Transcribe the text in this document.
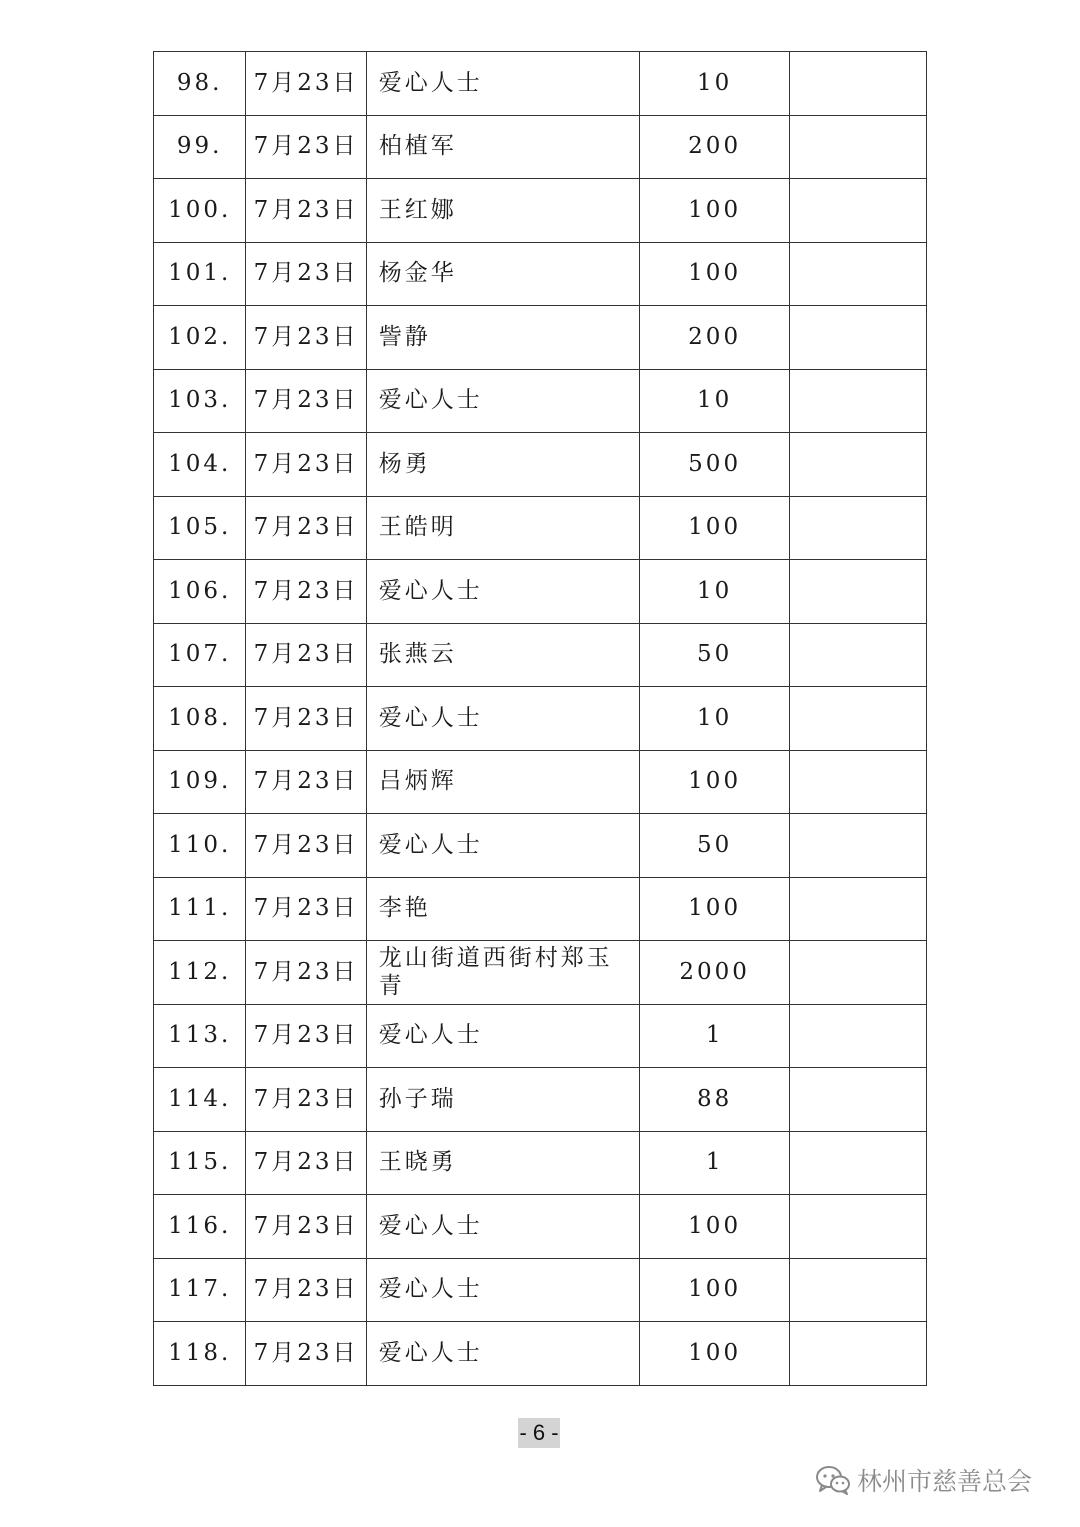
98.	7月23日	爱心人士	10	
99.	7月23日	柏植军	200	
100.	7月23日	王红娜	100	
101.	7月23日	杨金华	100	
102.	7月23日	訾静	200	
103.	7月23日	爱心人士	10	
104.	7月23日	杨勇	500	
105.	7月23日	王皓明	100	
106.	7月23日	爱心人士	10	
107.	7月23日	张燕云	50	
108.	7月23日	爱心人士	10	
109.	7月23日	吕炳辉	100	
110.	7月23日	爱心人士	50	
111.	7月23日	李艳	100	
112.	7月23日	龙山街道西街村郑玉青	2000	
113.	7月23日	爱心人士	1	
114.	7月23日	孙子瑞	88	
115.	7月23日	王晓勇	1	
116.	7月23日	爱心人士	100	
117.	7月23日	爱心人士	100	
118.	7月23日	爱心人士	100	
- 6 -
林州市慈善总会
